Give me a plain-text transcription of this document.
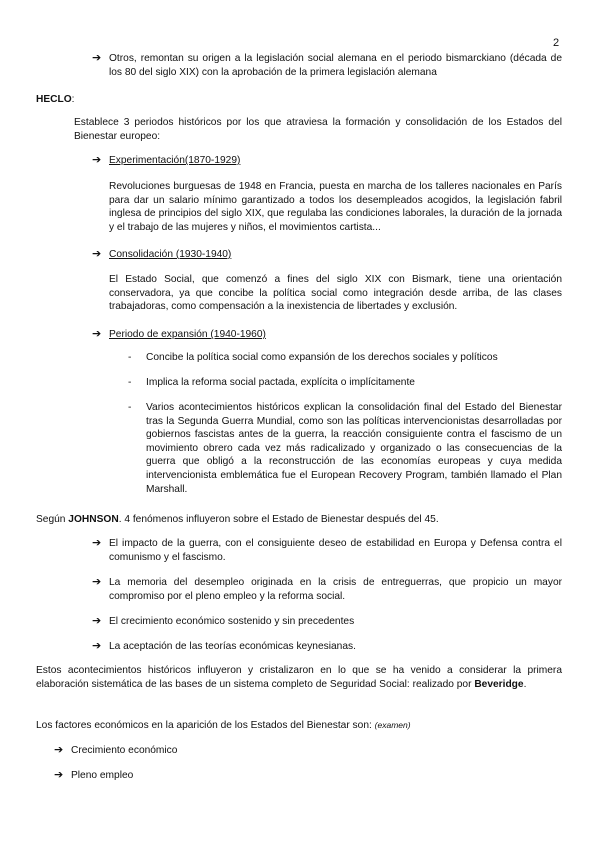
2
➔ Otros, remontan su origen a la legislación social alemana en el periodo bismarckiano (década de los 80 del siglo XIX) con la aprobación de la primera legislación alemana
HECLO:
Establece 3 periodos históricos por los que atraviesa la formación y consolidación de los Estados del Bienestar europeo:
➔ Experimentación(1870-1929)
Revoluciones burguesas de 1948 en Francia, puesta en marcha de los talleres nacionales en París para dar un salario mínimo garantizado a todos los desempleados acogidos, la legislación fabril inglesa de principios del siglo XIX, que regulaba las condiciones laborales, la duración de la jornada y el trabajo de las mujeres y niños, el movimientos cartista...
➔ Consolidación (1930-1940)
El Estado Social, que comenzó a fines del siglo XIX con Bismark, tiene una orientación conservadora, ya que concibe la política social como integración desde arriba, de las clases trabajadoras, como compensación a la inexistencia de libertades y exclusión.
➔ Periodo de expansión (1940-1960)
- Concibe la política social como expansión de los derechos sociales y políticos
- Implica la reforma social pactada, explícita o implícitamente
- Varios acontecimientos históricos explican la consolidación final del Estado del Bienestar tras la Segunda Guerra Mundial, como son las políticas intervencionistas desarrolladas por gobiernos fascistas antes de la guerra, la reacción consiguiente contra el fascismo de un movimiento obrero cada vez más radicalizado y organizado o las consecuencias de la guerra que obligó a la reconstrucción de las economías europeas y cuya medida intervencionista emblemática fue el European Recovery Program, también llamado el Plan Marshall.
Según JOHNSON. 4 fenómenos influyeron sobre el Estado de Bienestar después del 45.
➔ El impacto de la guerra, con el consiguiente deseo de estabilidad en Europa y Defensa contra el comunismo y el fascismo.
➔ La memoria del desempleo originada en la crisis de entreguerras, que propicio un mayor compromiso por el pleno empleo y la reforma social.
➔ El crecimiento económico sostenido y sin precedentes
➔ La aceptación de las teorías económicas keynesianas.
Estos acontecimientos históricos influyeron y cristalizaron en lo que se ha venido a considerar la primera elaboración sistemática de las bases de un sistema completo de Seguridad Social: realizado por Beveridge.
Los factores económicos en la aparición de los Estados del Bienestar son: (examen)
➔ Crecimiento económico
➔ Pleno empleo
